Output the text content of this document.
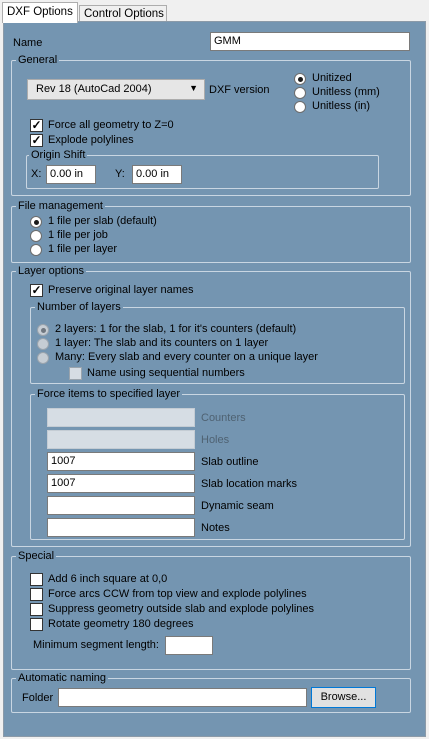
DXF Options Control Options
Name	GMM
General
Rev 18 (AutoCad 2004)	▼ DXF version
Unitized
Unitless (mm)
Unitless (in)
✓ Force all geometry to Z=0
✓ Explode polylines
Origin Shift
X: 0.00 in	Y:	0.00 in
File management
1 file per slab (default)
1 file per job
1 file per layer
Layer options
✓ Preserve original layer names
Number of layers
2 layers: 1 for the slab, 1 for it's counters (default)
1 layer: The slab and its counters on 1 layer
Many: Every slab and every counter on a unique layer
Name using sequential numbers
Force items to specified layer
Counters
Holes
1007	Slab outline
1007	Slab location marks
Dynamic seam
Notes
Special
Add 6 inch square at 0,0
Force arcs CCW from top view and explode polylines
Suppress geometry outside slab and explode polylines
Rotate geometry 180 degrees
Minimum segment length:
Automatic naming
Folder	Browse...
